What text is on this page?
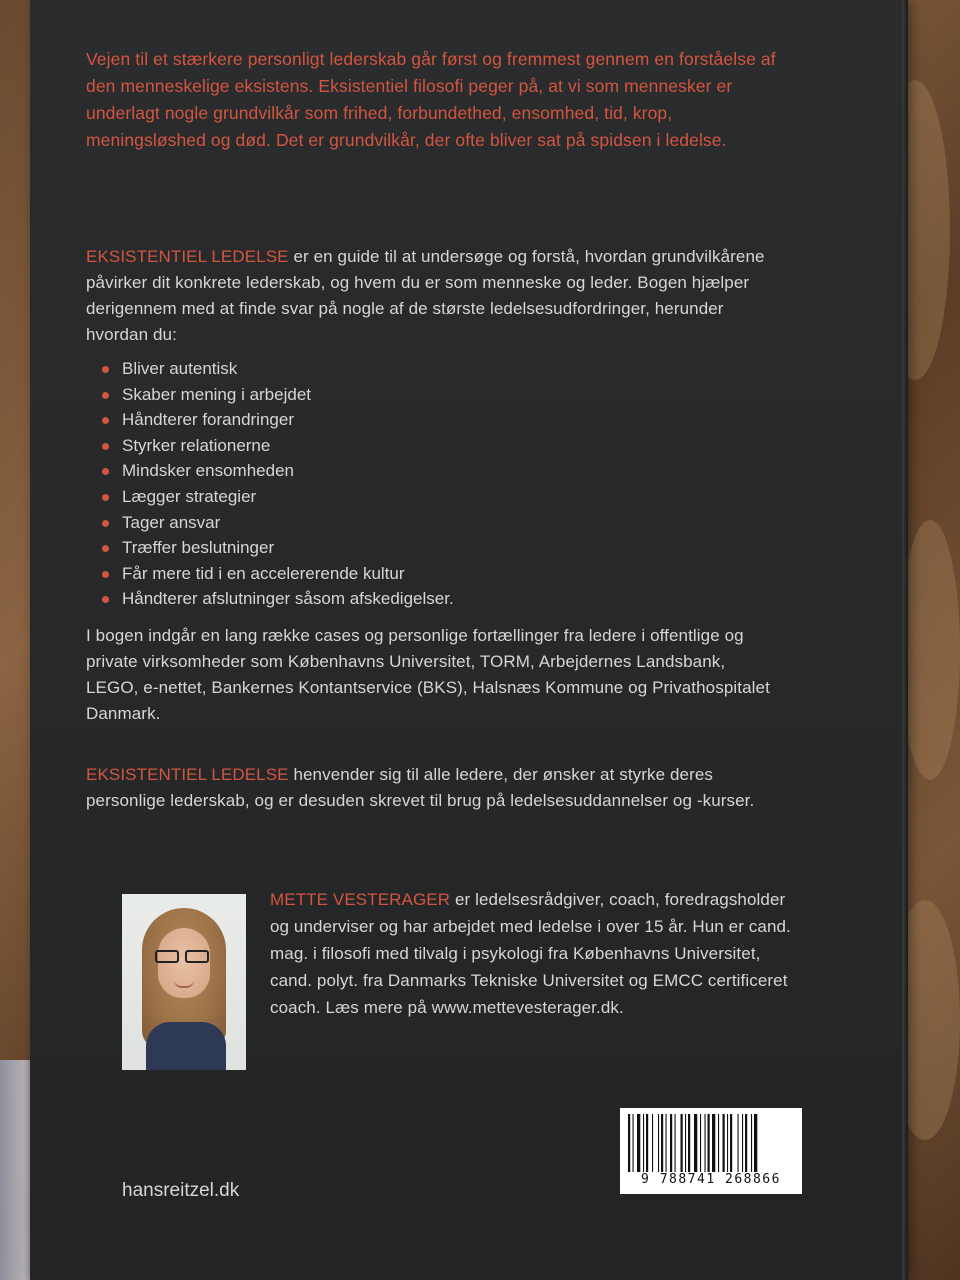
Vejen til et stærkere personligt lederskab går først og fremmest gennem en forståelse af den menneskelige eksistens. Eksistentiel filosofi peger på, at vi som mennesker er underlagt nogle grundvilkår som frihed, forbundethed, ensomhed, tid, krop, meningsløshed og død. Det er grundvilkår, der ofte bliver sat på spidsen i ledelse.
EKSISTENTIEL LEDELSE er en guide til at undersøge og forstå, hvordan grundvilkårene påvirker dit konkrete lederskab, og hvem du er som menneske og leder. Bogen hjælper derigennem med at finde svar på nogle af de største ledelsesudfordringer, herunder hvordan du:
Bliver autentisk
Skaber mening i arbejdet
Håndterer forandringer
Styrker relationerne
Mindsker ensomheden
Lægger strategier
Tager ansvar
Træffer beslutninger
Får mere tid i en accelererende kultur
Håndterer afslutninger såsom afskedigelser.
I bogen indgår en lang række cases og personlige fortællinger fra ledere i offentlige og private virksomheder som Københavns Universitet, TORM, Arbejdernes Landsbank, LEGO, e-nettet, Bankernes Kontantservice (BKS), Halsnæs Kommune og Privathospitalet Danmark.
EKSISTENTIEL LEDELSE henvender sig til alle ledere, der ønsker at styrke deres personlige lederskab, og er desuden skrevet til brug på ledelsesuddannelser og -kurser.
METTE VESTERAGER er ledelsesrådgiver, coach, foredragsholder og underviser og har arbejdet med ledelse i over 15 år. Hun er cand. mag. i filosofi med tilvalg i psykologi fra Københavns Universitet, cand. polyt. fra Danmarks Tekniske Universitet og EMCC certificeret coach. Læs mere på www.mettevesterager.dk.
9 788741 268866
hansreitzel.dk
